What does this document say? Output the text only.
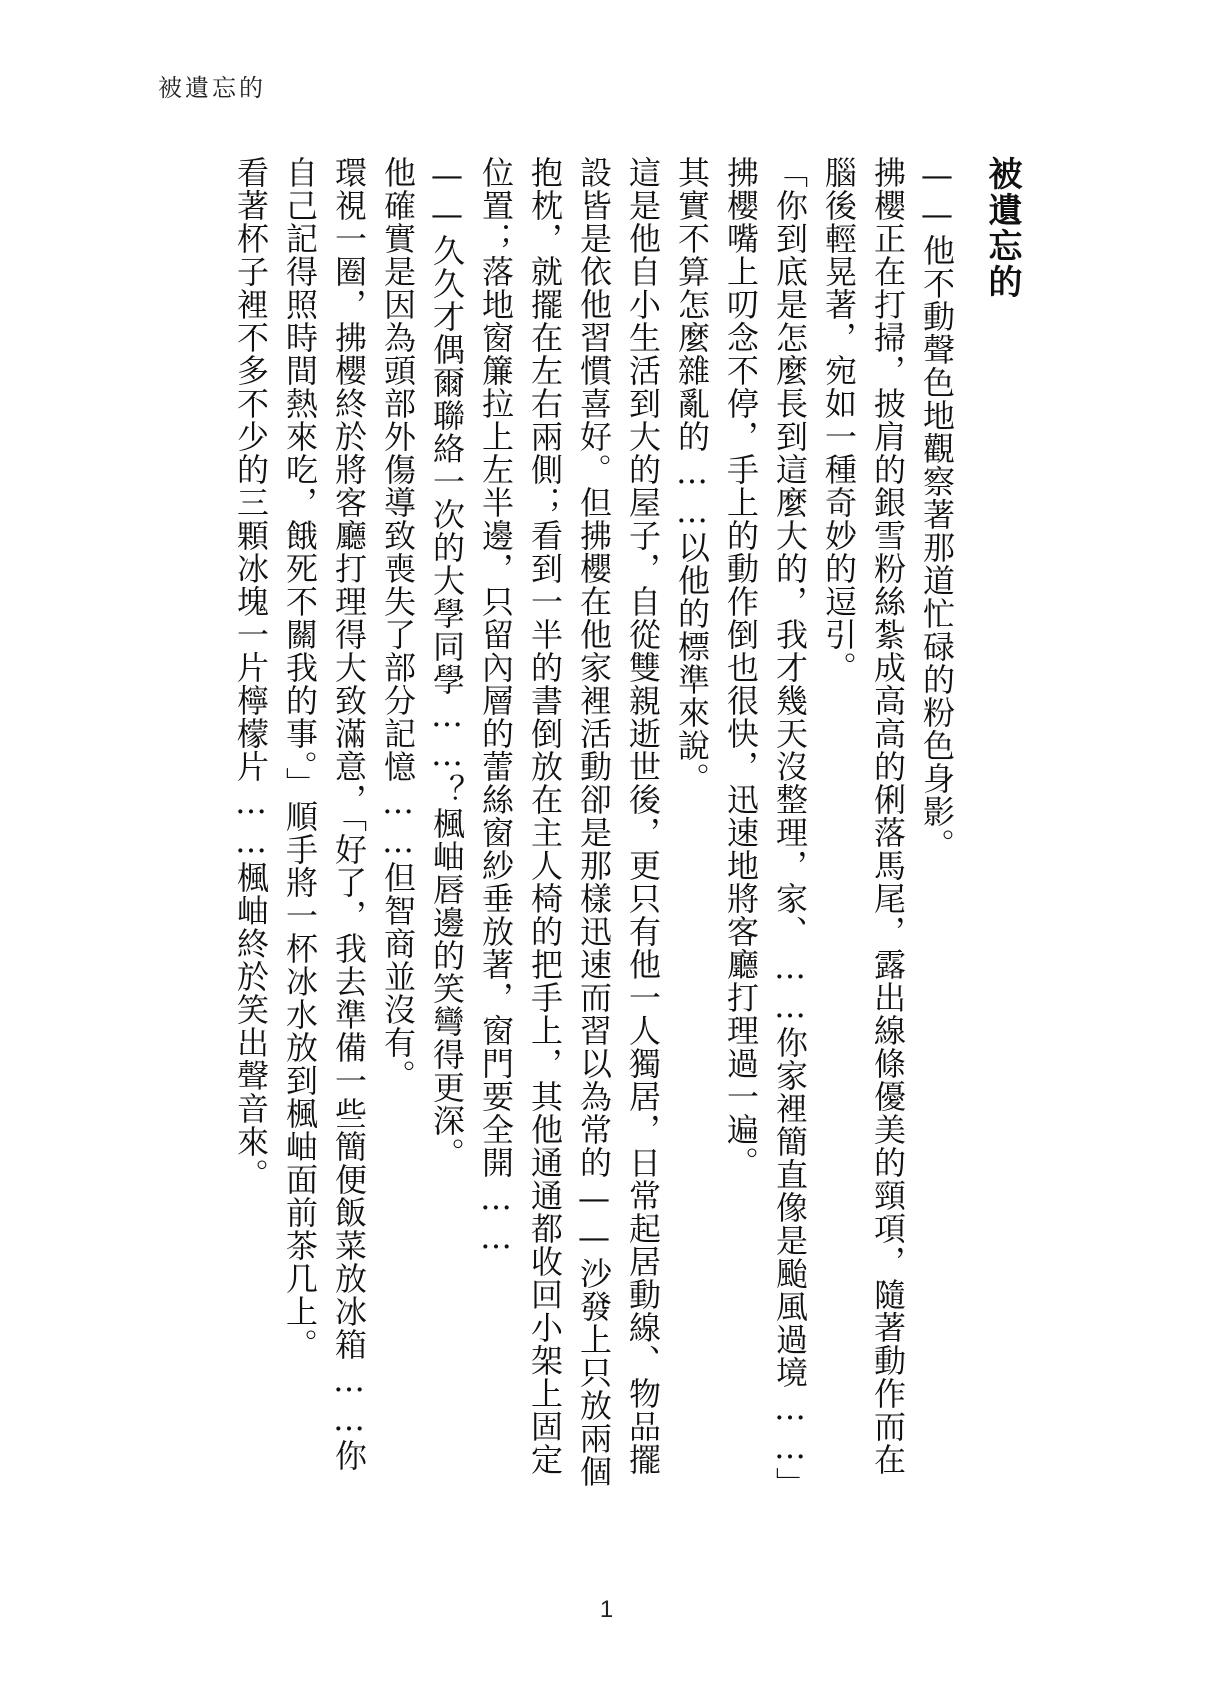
被遺忘的
被遺忘的

——他不動聲色地觀察著那道忙碌的粉色身影。

拂櫻正在打掃，披肩的銀雪粉絲紮成高高的俐落馬尾，露出線條優美的頸項，隨著動作而在腦後輕晃著，宛如一種奇妙的逗引。

「你到底是怎麼長到這麼大的，我才幾天沒整理，家、……你家裡簡直像是颱風過境……」拂櫻嘴上叨念不停，手上的動作倒也很快，迅速地將客廳打理過一遍。

其實不算怎麼雜亂的……以他的標準來說。

這是他自小生活到大的屋子，自從雙親逝世後，更只有他一人獨居，日常起居動線、物品擺設皆是依他習慣喜好。但拂櫻在他家裡活動卻是那樣迅速而習以為常的——沙發上只放兩個抱枕，就擺在左右兩側；看到一半的書倒放在主人椅的把手上，其他通通都收回小架上固定位置；落地窗簾拉上左半邊，只留內層的蕾絲窗紗垂放著，窗門要全開……

——久久才偶爾聯絡一次的大學同學……？楓岫唇邊的笑彎得更深。

他確實是因為頭部外傷導致喪失了部分記憶……但智商並沒有。

環視一圈，拂櫻終於將客廳打理得大致滿意，「好了，我去準備一些簡便飯菜放冰箱……你自己記得照時間熱來吃，餓死不關我的事。」順手將一杯冰水放到楓岫面前茶几上。

看著杯子裡不多不少的三顆冰塊一片檸檬片……楓岫終於笑出聲音來。

1
